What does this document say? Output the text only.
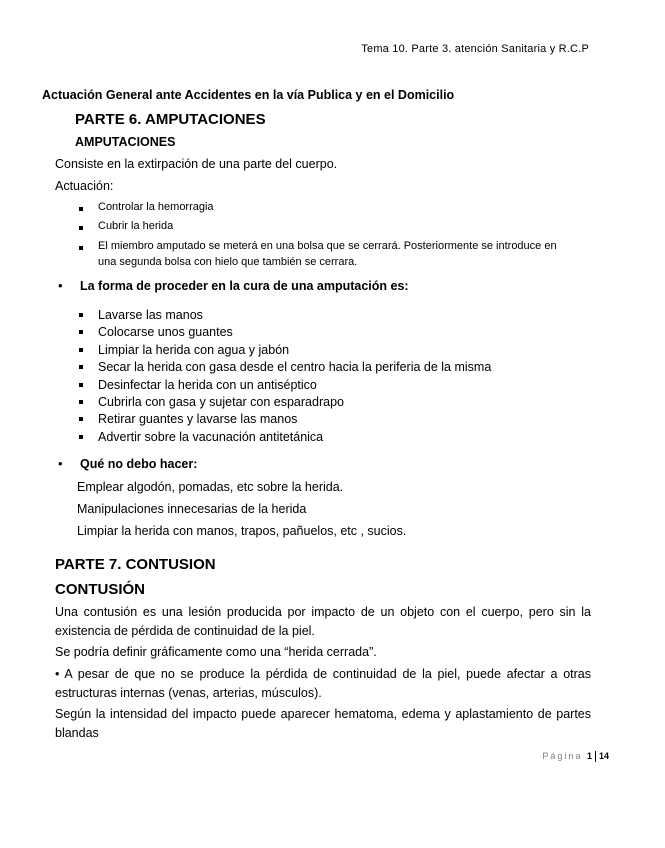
Tema 10. Parte 3. atención Sanitaria y R.C.P
Actuación General ante Accidentes en la vía Publica y en el Domicilio
PARTE 6. AMPUTACIONES
AMPUTACIONES
Consiste en la extirpación de una parte del cuerpo.
Actuación:
Controlar la hemorragia
Cubrir la herida
El miembro amputado se meterá en una bolsa que se cerrará. Posteriormente se introduce en
una segunda bolsa con hielo que también se cerrara.
• La forma de proceder en la cura de una amputación es:
Lavarse las manos
Colocarse unos guantes
Limpiar la herida con agua y jabón
Secar la herida con gasa desde el centro hacia la periferia de la misma
Desinfectar la herida con un antiséptico
Cubrirla con gasa y sujetar con esparadrapo
Retirar guantes y lavarse las manos
Advertir sobre la vacunación antitetánica
• Qué no debo hacer:
Emplear algodón, pomadas, etc sobre la herida.
Manipulaciones innecesarias de la herida
Limpiar la herida con manos, trapos, pañuelos, etc , sucios.
PARTE 7. CONTUSION
CONTUSIÓN
Una contusión es una lesión producida por impacto de un objeto con el cuerpo, pero sin la existencia de pérdida de continuidad de la piel.
Se podría definir gráficamente como una “herida cerrada”.
• A pesar de que no se produce la pérdida de continuidad de la piel, puede afectar a otras estructuras internas (venas, arterias, músculos).
Según la intensidad del impacto puede aparecer hematoma, edema y aplastamiento de partes blandas
Página 1 14
